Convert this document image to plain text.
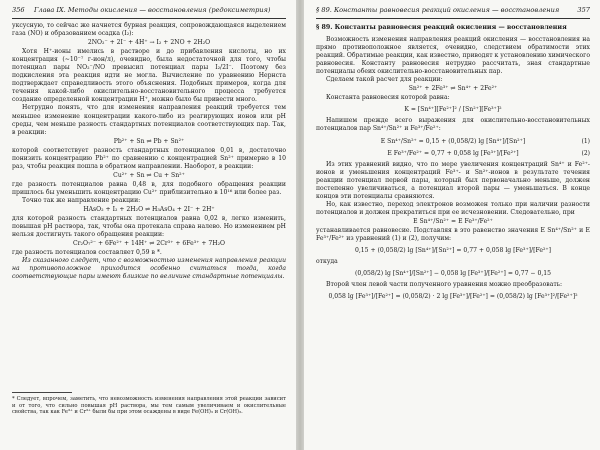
356 Глава IX. Методы окисления — восстановления (редоксиметрия)

уксусную, то сейчас же начнется бурная реакция, сопровождающаяся выделением газа (NO) и образованием осадка (I₂):

2NO₂⁻ + 2I⁻ + 4H⁺ → I₂ + 2NO + 2H₂O

Хотя H⁺-ионы имелись в растворе и до прибавления кислоты, но их концентрация (~10⁻⁷ г-ион/л), очевидно, была недостаточной для того, чтобы потенциал пары NO₂⁻/NO превысил потенциал пары I₂/2I⁻. Поэтому без подкисления эта реакция идти не могла. Вычисление по уравнению Нернста подтверждает справедливость этого объяснения. Подобных примеров, когда для течения какой-либо окислительно-восстановительного процесса требуется создание определенной концентрации H⁺, можно было бы привести много.

Нетрудно понять, что для изменения направления реакций требуется тем меньшее изменение концентрации какого-либо из реагирующих ионов или pH среды, чем меньше разность стандартных потенциалов соответствующих пар. Так, в реакции:

Pb²⁺ + Sn ⇌ Pb + Sn²⁺

которой соответствует разность стандартных потенциалов 0,01 в, достаточно понизить концентрацию Pb²⁺ по сравнению с концентрацией Sn²⁺ примерно в 10 раз, чтобы реакция пошла в обратном направлении. Наоборот, в реакции:

Cu²⁺ + Sn ⇌ Cu + Sn²⁺

где разность потенциалов равна 0,48 в, для подобного обращения реакции пришлось бы уменьшить концентрацию Cu²⁺ приблизительно в 10¹⁶ или более раз.

Точно так же направление реакции:

HAsO₂ + I₂ + 2H₂O ⇌ H₃AsO₄ + 2I⁻ + 2H⁺

для которой разность стандартных потенциалов равна 0,02 в, легко изменить, повышая pH раствора, так, чтобы она протекала справа налево. Но изменением pH нельзя достигнуть такого обращения реакции:

Cr₂O₇²⁻ + 6Fe²⁺ + 14H⁺ ⇌ 2Cr³⁺ + 6Fe³⁺ + 7H₂O

где разность потенциалов составляет 0,59 в *.

Из сказанного следует, что с возможностью изменения направления реакции на противоположное приходится особенно считаться тогда, когда соответствующие пары имеют близкие по величине стандартные потенциалы.

* Следует, впрочем, заметить, что невозможность изменения направления этой реакции зависит и от того, что сильно повышая pH раствора, мы тем самым увеличиваем и окислительные свойства, так как Fe³⁺ и Cr³⁺ были бы при этом осаждены в виде Fe(OH)₃ и Cr(OH)₃.
§ 89. Константы равновесия реакций окисления — восстановления	357

§ 89. Константы равновесия реакций окисления — восстановления

Возможность изменения направления реакций окисления — восстановления на прямо противоположное является, очевидно, следствием обратимости этих реакций. Обратимые реакции, как известно, приводят к установлению химического равновесия. Константу равновесия нетрудно рассчитать, зная стандартные потенциалы обеих окислительно-восстановительных пар.

Сделаем такой расчет для реакции:

Sn²⁺ + 2Fe³⁺ ⇌ Sn⁴⁺ + 2Fe²⁺

Константа равновесия которой равна:

K = [Sn⁴⁺][Fe²⁺]² / [Sn²⁺][Fe³⁺]²

Напишем прежде всего выражения для окислительно-восстановительных потенциалов пар Sn⁴⁺/Sn²⁺ и Fe³⁺/Fe²⁺:

E Sn⁴⁺/Sn²⁺ = 0,15 + (0,058/2) lg [Sn⁴⁺]/[Sn²⁺]	(1)
E Fe³⁺/Fe²⁺ = 0,77 + 0,058 lg [Fe³⁺]/[Fe²⁺]	(2)

Из этих уравнений видно, что по мере увеличения концентраций Sn⁴⁺ и Fe²⁺-ионов и уменьшения концентраций Fe³⁺- и Sn²⁺-ионов в результате течения реакции потенциал первой пары, который был первоначально меньше, должен постепенно увеличиваться, а потенциал второй пары — уменьшаться. В конце концов эти потенциалы сравняются.

Но, как известно, переход электронов возможен только при наличии разности потенциалов и должен прекратиться при ее исчезновении. Следовательно, при

E Sn⁴⁺/Sn²⁺ = E Fe³⁺/Fe²⁺

устанавливается равновесие. Подставляя в это равенство значения E Sn⁴⁺/Sn²⁺ и E Fe³⁺/Fe²⁺ из уравнений (1) и (2), получим:

0,15 + (0,058/2) lg [Sn⁴⁺]/[Sn²⁺] = 0,77 + 0,058 lg [Fe³⁺]/[Fe²⁺]

откуда

(0,058/2) lg [Sn⁴⁺]/[Sn²⁺] − 0,058 lg [Fe³⁺]/[Fe²⁺] = 0,77 − 0,15

Второй член левой части полученного уравнения можно преобразовать:

0,058 lg [Fe³⁺]/[Fe²⁺] = (0,058/2) · 2 lg [Fe³⁺]/[Fe²⁺] = (0,058/2) lg [Fe³⁺]²/[Fe²⁺]²
